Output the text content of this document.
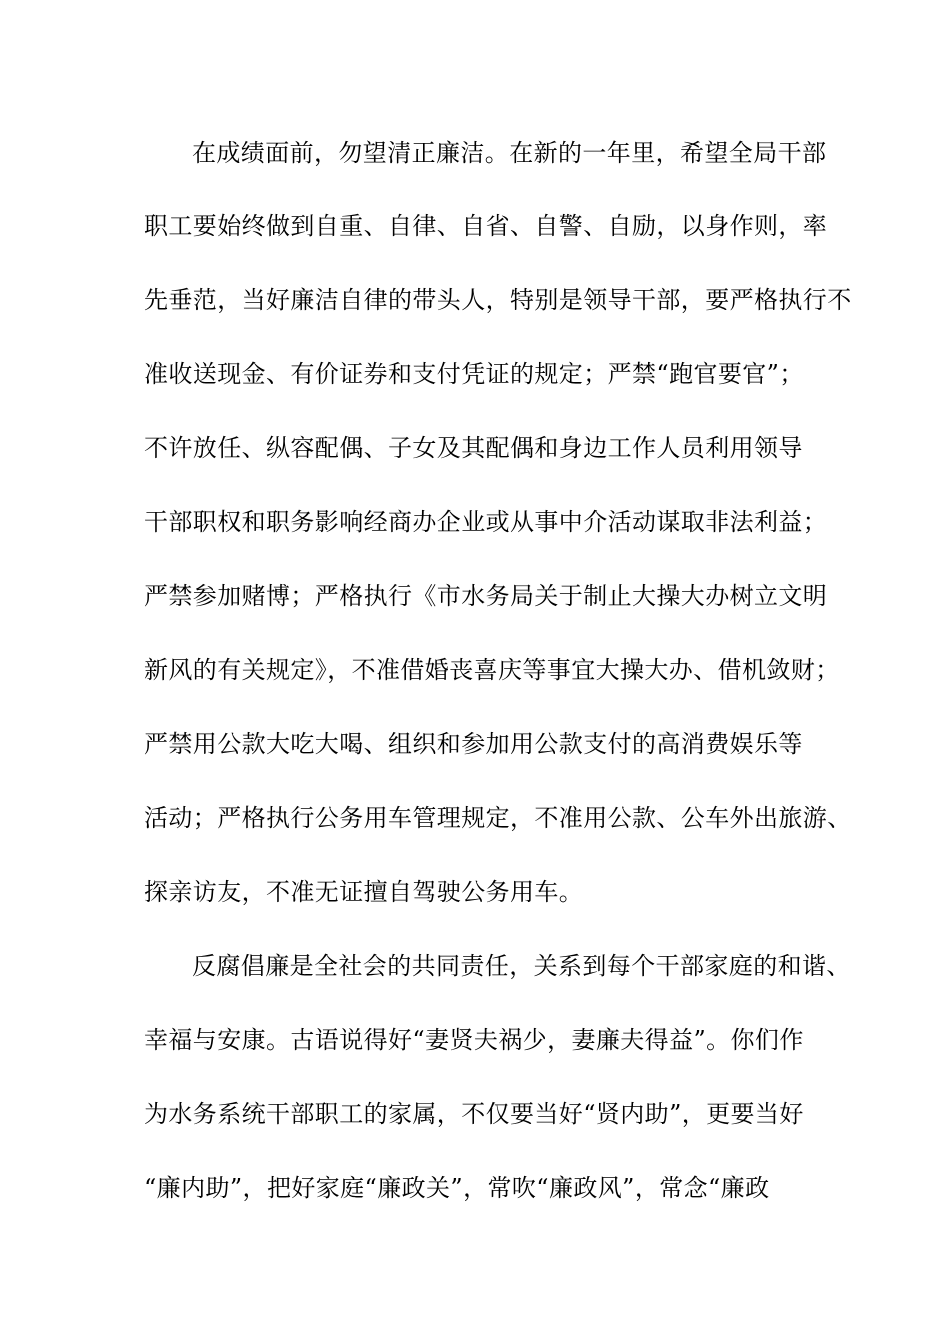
在成绩面前，勿望清正廉洁。在新的一年里，希望全局干部
职工要始终做到自重、自律、自省、自警、自励，以身作则，率
先垂范，当好廉洁自律的带头人，特别是领导干部，要严格执行不
准收送现金、有价证券和支付凭证的规定；严禁“跑官要官”；
不许放任、纵容配偶、子女及其配偶和身边工作人员利用领导
干部职权和职务影响经商办企业或从事中介活动谋取非法利益；
严禁参加赌博；严格执行《市水务局关于制止大操大办树立文明
新风的有关规定》，不准借婚丧喜庆等事宜大操大办、借机敛财；
严禁用公款大吃大喝、组织和参加用公款支付的高消费娱乐等
活动；严格执行公务用车管理规定，不准用公款、公车外出旅游、
探亲访友，不准无证擅自驾驶公务用车。
反腐倡廉是全社会的共同责任，关系到每个干部家庭的和谐、
幸福与安康。古语说得好“妻贤夫祸少，妻廉夫得益”。你们作
为水务系统干部职工的家属，不仅要当好“贤内助”，更要当好
“廉内助”，把好家庭“廉政关”，常吹“廉政风”，常念“廉政
